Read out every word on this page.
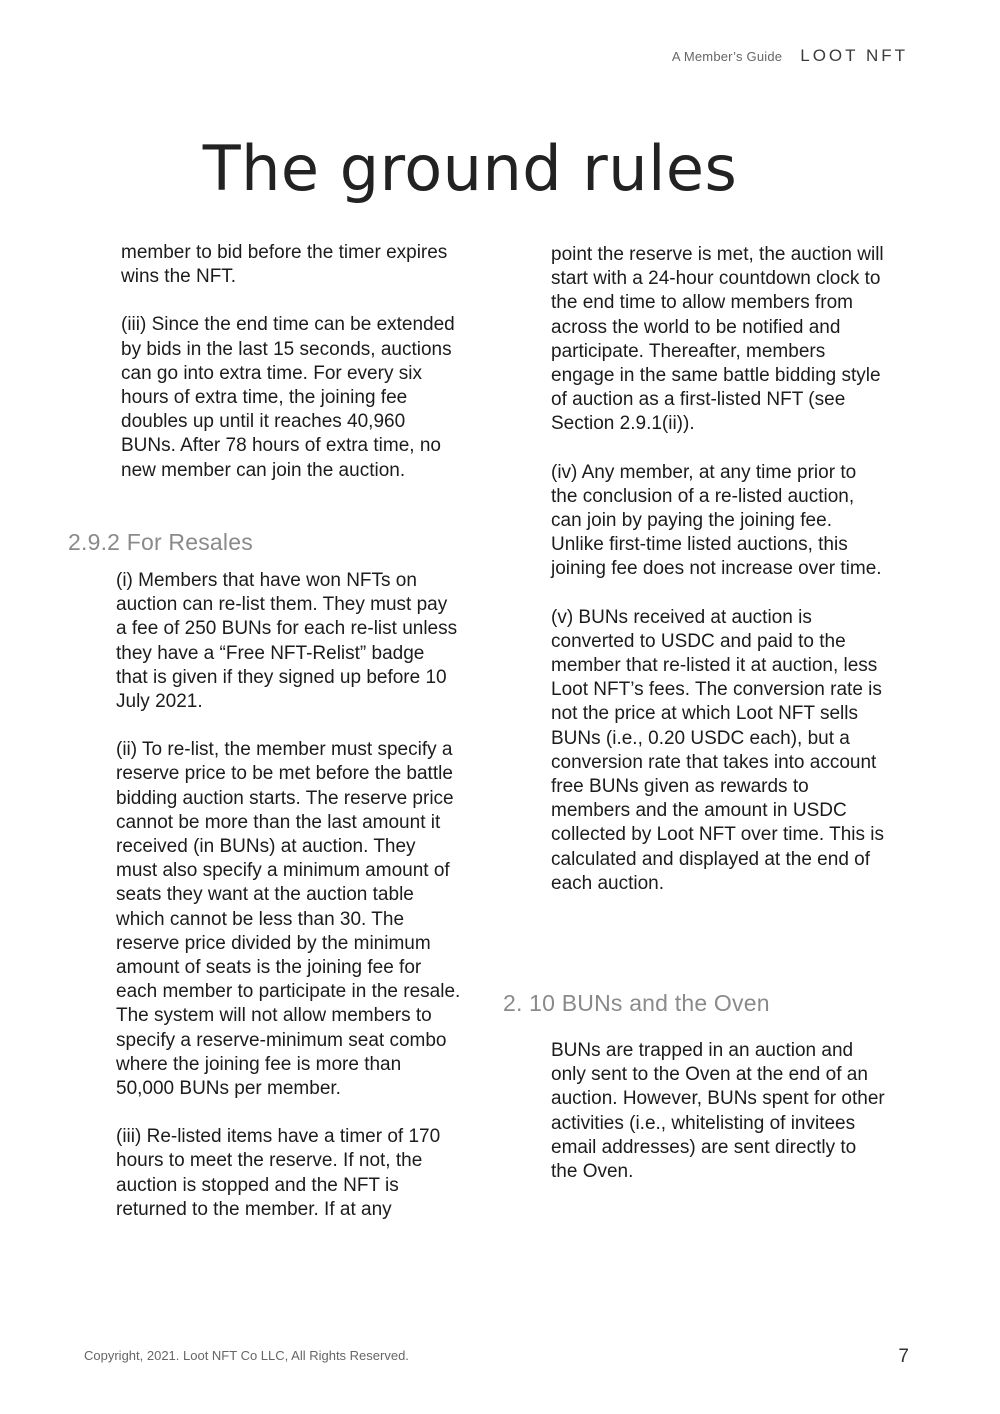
A Member’s Guide LOOT NFT
The ground rules

member to bid before the timer expires wins the NFT.

(iii) Since the end time can be extended by bids in the last 15 seconds, auctions can go into extra time. For every six hours of extra time, the joining fee doubles up until it reaches 40,960 BUNs. After 78 hours of extra time, no new member can join the auction.

2.9.2 For Resales

(i) Members that have won NFTs on auction can re-list them. They must pay a fee of 250 BUNs for each re-list unless they have a “Free NFT-Relist” badge that is given if they signed up before 10 July 2021.

(ii) To re-list, the member must specify a reserve price to be met before the battle bidding auction starts. The reserve price cannot be more than the last amount it received (in BUNs) at auction. They must also specify a minimum amount of seats they want at the auction table which cannot be less than 30. The reserve price divided by the minimum amount of seats is the joining fee for each member to participate in the resale. The system will not allow members to specify a reserve-minimum seat combo where the joining fee is more than 50,000 BUNs per member.

(iii) Re-listed items have a timer of 170 hours to meet the reserve. If not, the auction is stopped and the NFT is returned to the member. If at any

point the reserve is met, the auction will start with a 24-hour countdown clock to the end time to allow members from across the world to be notified and participate. Thereafter, members engage in the same battle bidding style of auction as a first-listed NFT (see Section 2.9.1(ii)).

(iv) Any member, at any time prior to the conclusion of a re-listed auction, can join by paying the joining fee. Unlike first-time listed auctions, this joining fee does not increase over time.

(v) BUNs received at auction is converted to USDC and paid to the member that re-listed it at auction, less Loot NFT’s fees. The conversion rate is not the price at which Loot NFT sells BUNs (i.e., 0.20 USDC each), but a conversion rate that takes into account free BUNs given as rewards to members and the amount in USDC collected by Loot NFT over time. This is calculated and displayed at the end of each auction.

2. 10 BUNs and the Oven

BUNs are trapped in an auction and only sent to the Oven at the end of an auction. However, BUNs spent for other activities (i.e., whitelisting of invitees email addresses) are sent directly to the Oven.

Copyright, 2021. Loot NFT Co LLC, All Rights Reserved.	7
